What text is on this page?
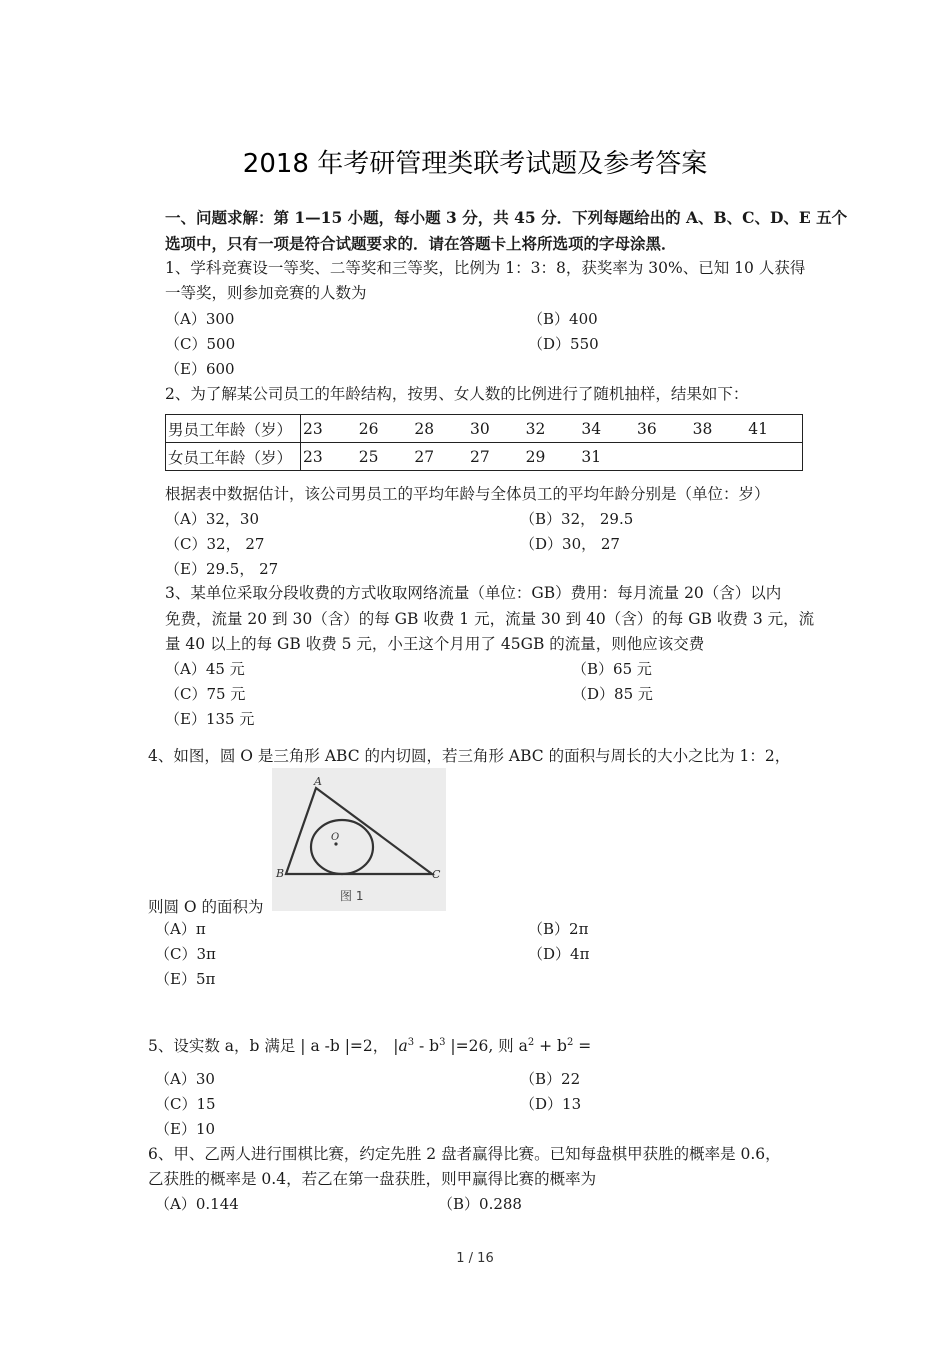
2018 年考研管理类联考试题及参考答案
一、问题求解：第 1—15 小题，每小题 3 分，共 45 分．下列每题给出的 A、B、C、D、E 五个
选项中，只有一项是符合试题要求的．请在答题卡上将所选项的字母涂黑．
1、学科竞赛设一等奖、二等奖和三等奖，比例为 1：3：8，获奖率为 30%、已知 10 人获得
一等奖，则参加竞赛的人数为
（A）300	（B）400
（C）500	（D）550
（E）600
2、为了解某公司员工的年龄结构，按男、女人数的比例进行了随机抽样，结果如下：
男员工年龄（岁）	23	26	28	30	32	34	36	38	41
女员工年龄（岁）	23	25	27	27	29	31			
根据表中数据估计，该公司男员工的平均年龄与全体员工的平均年龄分别是（单位：岁）
（A）32，30	（B）32， 29.5
（C）32， 27	（D）30， 27
（E）29.5， 27
3、某单位采取分段收费的方式收取网络流量（单位：GB）费用：每月流量 20（含）以内
免费，流量 20 到 30（含）的每 GB 收费 1 元，流量 30 到 40（含）的每 GB 收费 3 元，流
量 40 以上的每 GB 收费 5 元，小王这个月用了 45GB 的流量，则他应该交费
（A）45 元	（B）65 元
（C）75 元	（D）85 元
（E）135 元
4、如图，圆 O 是三角形 ABC 的内切圆，若三角形 ABC 的面积与周长的大小之比为 1：2，
A
B	C
O
图 1
则圆 O 的面积为
（A）π	（B）2π
（C）3π	（D）4π
（E）5π
5、设实数 a，b 满足 | a -b |=2， $|a^3 - b^3$ |=26, 则 $a^2 + b^2$ =
（A）30	（B）22
（C）15	（D）13
（E）10
6、甲、乙两人进行围棋比赛，约定先胜 2 盘者赢得比赛。已知每盘棋甲获胜的概率是 0.6，
乙获胜的概率是 0.4，若乙在第一盘获胜，则甲赢得比赛的概率为
（A）0.144	（B）0.288
1 / 16
